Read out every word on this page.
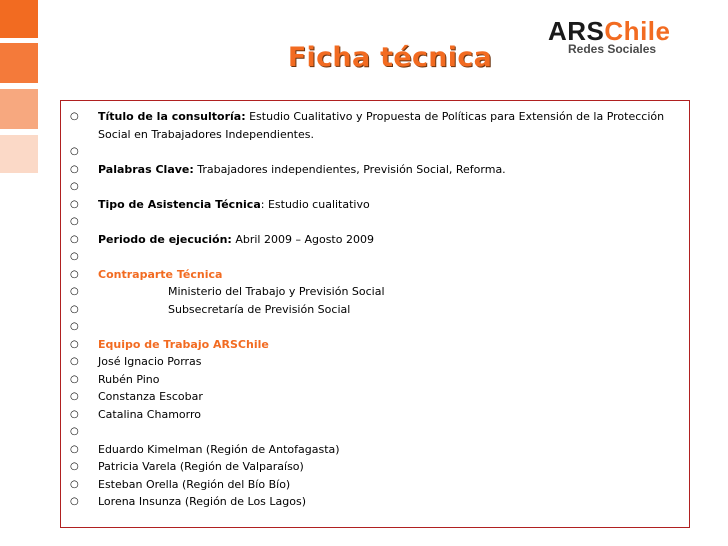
Ficha técnica
ARSChile
Redes Sociales
○ Título de la consultoría: Estudio Cualitativo y Propuesta de Políticas para Extensión de la Protección Social en Trabajadores Independientes.
○
○ Palabras Clave: Trabajadores independientes, Previsión Social, Reforma.
○
○ Tipo de Asistencia Técnica: Estudio cualitativo
○
○ Periodo de ejecución: Abril 2009 – Agosto 2009
○
○ Contraparte Técnica
○	Ministerio del Trabajo y Previsión Social
○	Subsecretaría de Previsión Social
○
○ Equipo de Trabajo ARSChile
○ José Ignacio Porras
○ Rubén Pino
○ Constanza Escobar
○ Catalina Chamorro
○
○ Eduardo Kimelman (Región de Antofagasta)
○ Patricia Varela (Región de Valparaíso)
○ Esteban Orella (Región del Bío Bío)
○ Lorena Insunza (Región de Los Lagos)
